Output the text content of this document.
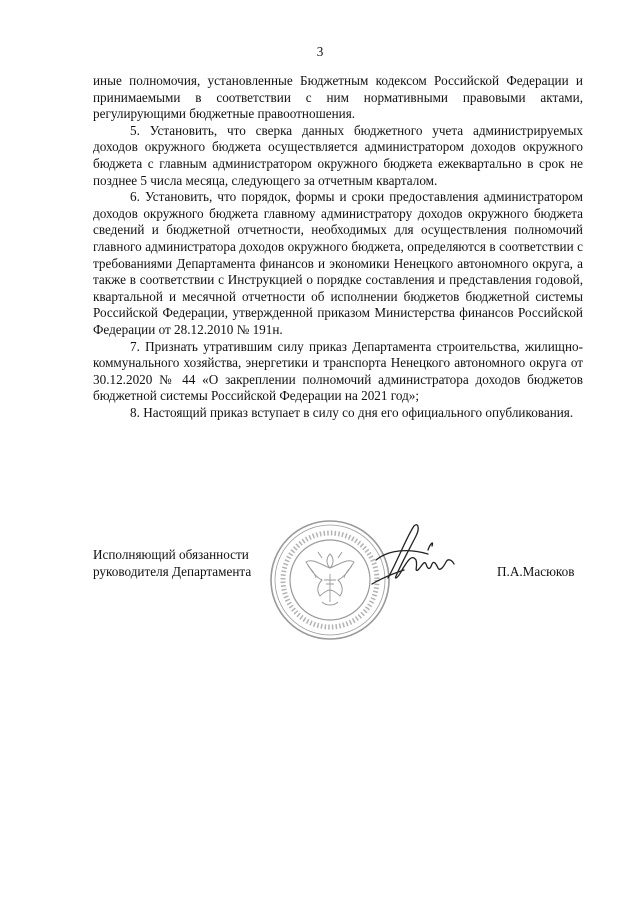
3

иные полномочия, установленные Бюджетным кодексом Российской Федерации и принимаемыми в соответствии с ним нормативными правовыми актами, регулирующими бюджетные правоотношения.

5. Установить, что сверка данных бюджетного учета администрируемых доходов окружного бюджета осуществляется администратором доходов окружного бюджета с главным администратором окружного бюджета ежеквартально в срок не позднее 5 числа месяца, следующего за отчетным кварталом.

6. Установить, что порядок, формы и сроки предоставления администратором доходов окружного бюджета главному администратору доходов окружного бюджета сведений и бюджетной отчетности, необходимых для осуществления полномочий главного администратора доходов окружного бюджета, определяются в соответствии с требованиями Департамента финансов и экономики Ненецкого автономного округа, а также в соответствии с Инструкцией о порядке составления и представления годовой, квартальной и месячной отчетности об исполнении бюджетов бюджетной системы Российской Федерации, утвержденной приказом Министерства финансов Российской Федерации от 28.12.2010 № 191н.

7. Признать утратившим силу приказ Департамента строительства, жилищно-коммунального хозяйства, энергетики и транспорта Ненецкого автономного округа от 30.12.2020 № 44 «О закреплении полномочий администратора доходов бюджетов бюджетной системы Российской Федерации на 2021 год»;

8. Настоящий приказ вступает в силу со дня его официального опубликования.

Исполняющий обязанности
руководителя Департамента	П.А.Масюков
